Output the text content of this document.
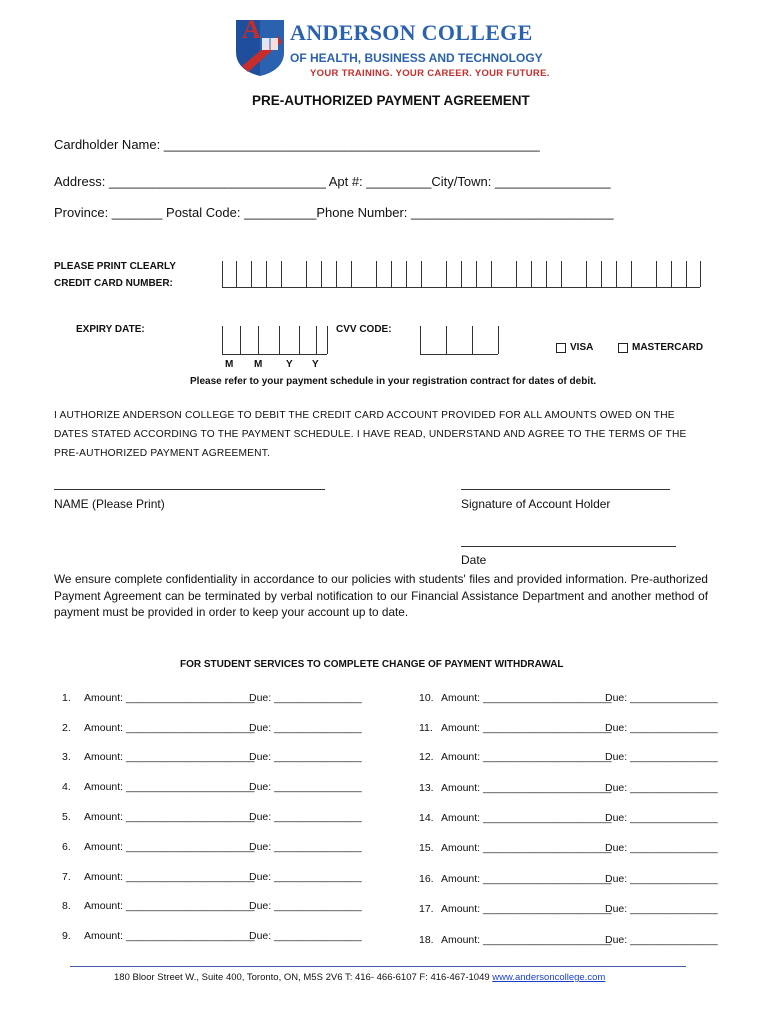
A ANDERSON COLLEGE
OF HEALTH, BUSINESS AND TECHNOLOGY
YOUR TRAINING. YOUR CAREER. YOUR FUTURE.
PRE-AUTHORIZED PAYMENT AGREEMENT
Cardholder Name: ____________________________________________________
Address: ______________________________ Apt #: _________City/Town: ________________
Province: _______ Postal Code: __________Phone Number: ____________________________
PLEASE PRINT CLEARLY
CREDIT CARD NUMBER:
EXPIRY DATE:
M M Y Y
CVV CODE:
VISA	MASTERCARD
Please refer to your payment schedule in your registration contract for dates of debit.
I AUTHORIZE ANDERSON COLLEGE TO DEBIT THE CREDIT CARD ACCOUNT PROVIDED FOR ALL AMOUNTS OWED ON THE DATES STATED ACCORDING TO THE PAYMENT SCHEDULE. I HAVE READ, UNDERSTAND AND AGREE TO THE TERMS OF THE PRE-AUTHORIZED PAYMENT AGREEMENT.
NAME (Please Print)	Signature of Account Holder
Date
We ensure complete confidentiality in accordance to our policies with students' files and provided information. Pre-authorized Payment Agreement can be terminated by verbal notification to our Financial Assistance Department and another method of payment must be provided in order to keep your account up to date.
FOR STUDENT SERVICES TO COMPLETE CHANGE OF PAYMENT WITHDRAWAL
1. Amount: ______________________
Due: _______________
2. Amount: ______________________
Due: _______________
3. Amount: ______________________
Due: _______________
4. Amount: ______________________
Due: _______________
5. Amount: ______________________
Due: _______________
6. Amount: ______________________
Due: _______________
7. Amount: ______________________
Due: _______________
8. Amount: ______________________
Due: _______________
9. Amount: ______________________
Due: _______________
10. Amount: ______________________
Due: _______________
11. Amount: ______________________
Due: _______________
12. Amount: ______________________
Due: _______________
13. Amount: ______________________
Due: _______________
14. Amount: ______________________
Due: _______________
15. Amount: ______________________
Due: _______________
16. Amount: ______________________
Due: _______________
17. Amount: ______________________
Due: _______________
18. Amount: ______________________
Due: _______________
180 Bloor Street W., Suite 400, Toronto, ON, M5S 2V6 T: 416- 466-6107 F: 416-467-1049 www.andersoncollege.com
